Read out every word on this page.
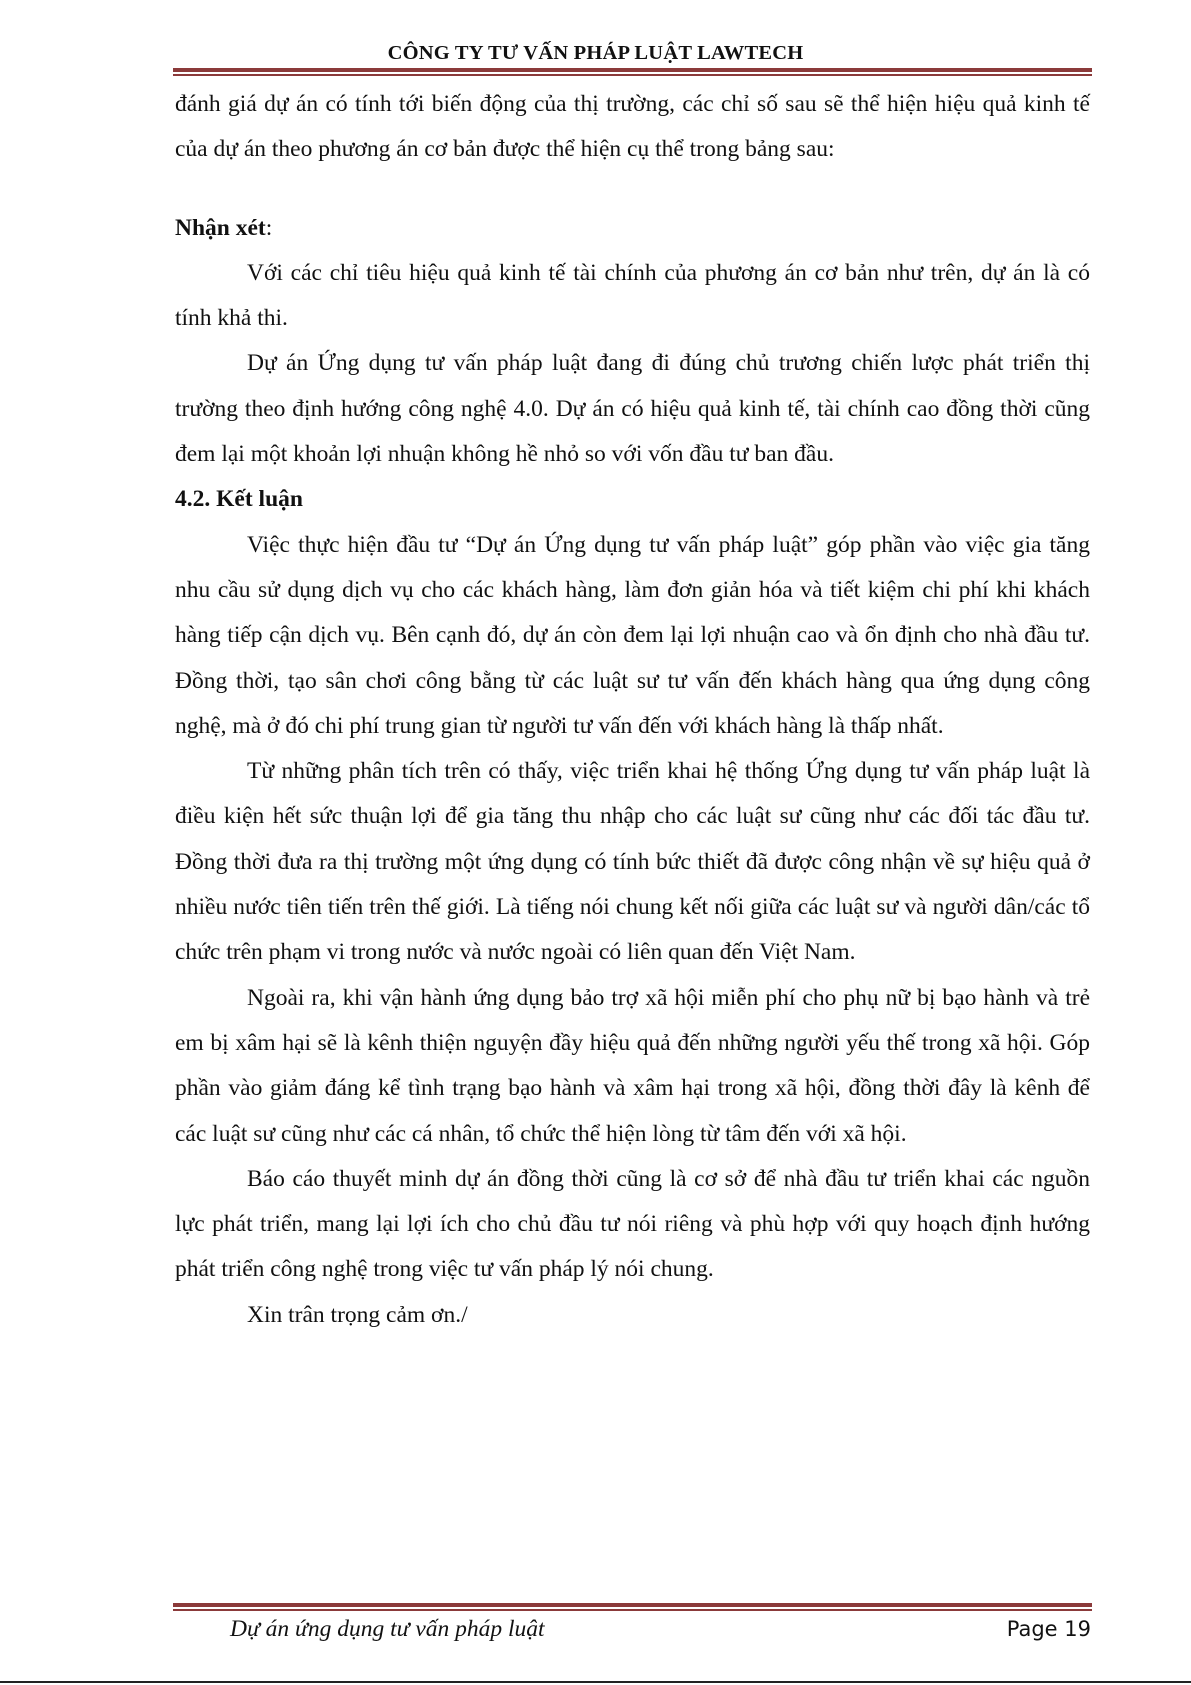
CÔNG TY TƯ VẤN PHÁP LUẬT LAWTECH

đánh giá dự án có tính tới biến động của thị trường, các chỉ số sau sẽ thể hiện hiệu quả kinh tế của dự án theo phương án cơ bản được thể hiện cụ thể trong bảng sau:

Nhận xét:

Với các chỉ tiêu hiệu quả kinh tế tài chính của phương án cơ bản như trên, dự án là có tính khả thi.

Dự án Ứng dụng tư vấn pháp luật đang đi đúng chủ trương chiến lược phát triển thị trường theo định hướng công nghệ 4.0. Dự án có hiệu quả kinh tế, tài chính cao đồng thời cũng đem lại một khoản lợi nhuận không hề nhỏ so với vốn đầu tư ban đầu.

4.2. Kết luận

Việc thực hiện đầu tư “Dự án Ứng dụng tư vấn pháp luật” góp phần vào việc gia tăng nhu cầu sử dụng dịch vụ cho các khách hàng, làm đơn giản hóa và tiết kiệm chi phí khi khách hàng tiếp cận dịch vụ. Bên cạnh đó, dự án còn đem lại lợi nhuận cao và ổn định cho nhà đầu tư. Đồng thời, tạo sân chơi công bằng từ các luật sư tư vấn đến khách hàng qua ứng dụng công nghệ, mà ở đó chi phí trung gian từ người tư vấn đến với khách hàng là thấp nhất.

Từ những phân tích trên có thấy, việc triển khai hệ thống Ứng dụng tư vấn pháp luật là điều kiện hết sức thuận lợi để gia tăng thu nhập cho các luật sư cũng như các đối tác đầu tư. Đồng thời đưa ra thị trường một ứng dụng có tính bức thiết đã được công nhận về sự hiệu quả ở nhiều nước tiên tiến trên thế giới. Là tiếng nói chung kết nối giữa các luật sư và người dân/các tổ chức trên phạm vi trong nước và nước ngoài có liên quan đến Việt Nam.

Ngoài ra, khi vận hành ứng dụng bảo trợ xã hội miễn phí cho phụ nữ bị bạo hành và trẻ em bị xâm hại sẽ là kênh thiện nguyện đầy hiệu quả đến những người yếu thế trong xã hội. Góp phần vào giảm đáng kể tình trạng bạo hành và xâm hại trong xã hội, đồng thời đây là kênh để các luật sư cũng như các cá nhân, tổ chức thể hiện lòng từ tâm đến với xã hội.

Báo cáo thuyết minh dự án đồng thời cũng là cơ sở để nhà đầu tư triển khai các nguồn lực phát triển, mang lại lợi ích cho chủ đầu tư nói riêng và phù hợp với quy hoạch định hướng phát triển công nghệ trong việc tư vấn pháp lý nói chung.

Xin trân trọng cảm ơn./

Dự án ứng dụng tư vấn pháp luật	Page 19
